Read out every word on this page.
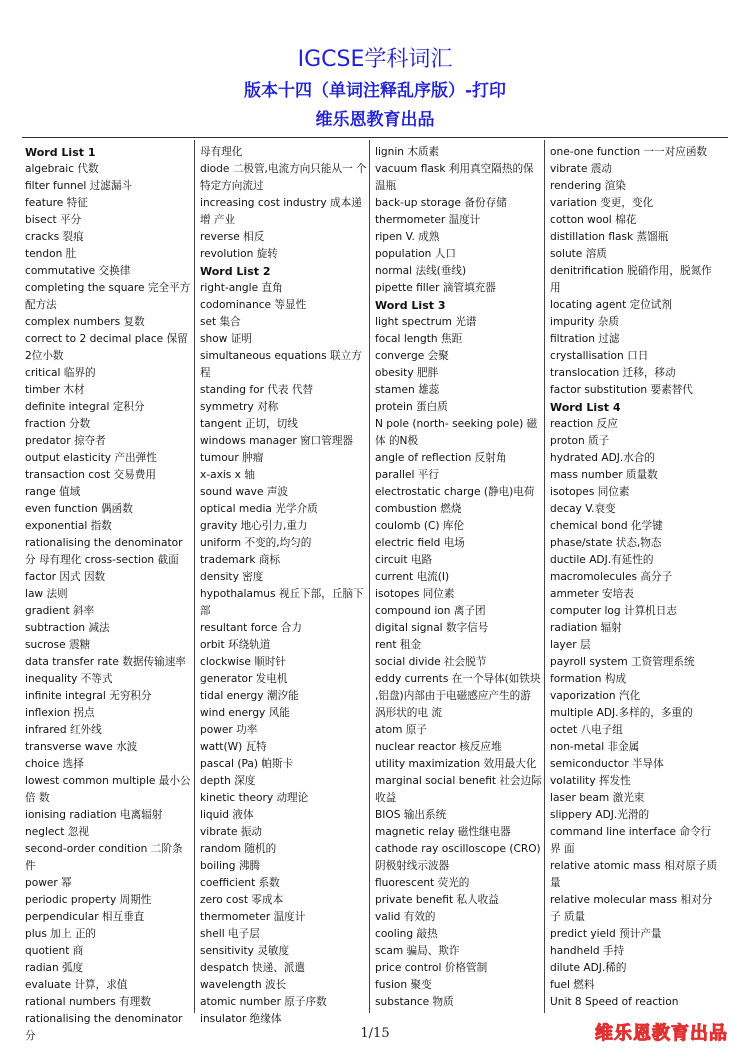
IGCSE学科词汇
版本十四（单词注释乱序版）-打印
维乐恩教育出品
Word List 1
algebraic 代数
filter funnel 过滤漏斗
feature 特征
bisect 平分
cracks 裂痕
tendon 肚
commutative 交换律
completing the square 完全平方 配方法
complex numbers 复数
correct to 2 decimal place 保留 2位小数
critical 临界的
timber 木材
definite integral 定积分
fraction 分数
predator 掠夺者
output elasticity 产出弹性
transaction cost 交易费用
range 值域
even function 偶函数
exponential 指数
rationalising the denominator 分 母有理化 cross-section 截面
factor 因式 因数
law 法则
gradient 斜率
subtraction 减法
sucrose 震糖
data transfer rate 数据传输速率
inequality 不等式
infinite integral 无穷积分
inflexion 拐点
infrared 红外线
transverse wave 水波
choice 选择
lowest common multiple 最小公倍 数
ionising radiation 电离辐射
neglect 忽视
second-order condition 二阶条件
power 幂
periodic property 周期性
perpendicular 相互垂直
plus 加上 正的
quotient 商
radian 弧度
evaluate 计算，求值
rational numbers 有理数
rationalising the denominator 分
母有理化
diode 二极管,电流方向只能从一 个特定方向流过
increasing cost industry 成本递增 产业
reverse 相反
revolution 旋转
Word List 2
right-angle 直角
codominance 等显性
set 集合
show 证明
simultaneous equations 联立方程
standing for 代表 代替
symmetry 对称
tangent 正切，切线
windows manager 窗口管理器
tumour 肿瘤
x-axis x 轴
sound wave 声波
optical media 光学介质
gravity 地心引力,重力
uniform 不变的,均匀的
trademark 商标
density 密度
hypothalamus 视丘下部，丘脑下 部
resultant force 合力
orbit 环绕轨道
clockwise 顺时针
generator 发电机
tidal energy 潮汐能
wind energy 风能
power 功率
watt(W) 瓦特
pascal (Pa) 帕斯卡
depth 深度
kinetic theory 动理论
liquid 液体
vibrate 振动
random 随机的
boiling 沸腾
coefficient 系数
zero cost 零成本
thermometer 温度计
shell 电子层
sensitivity 灵敏度
despatch 快递、派遣
wavelength 波长
atomic number 原子序数
insulator 绝缘体
lignin 木质素
vacuum flask 利用真空隔热的保 温瓶
back-up storage 备份存储
thermometer 温度计
ripen V. 成熟
population 人口
normal 法线(垂线)
pipette filler 滴管填充器
Word List 3
light spectrum 光谱
focal length 焦距
converge 会聚
obesity 肥胖
stamen 雄蕊
protein 蛋白质
N pole (north- seeking pole) 磁体 的N极
angle of reflection 反射角
parallel 平行
electrostatic charge (静电)电荷
combustion 燃烧
coulomb (C) 库伦
electric field 电场
circuit 电路
current 电流(I)
isotopes 同位素
compound ion 离子团
digital signal 数字信号
rent 租金
social divide 社会脱节
eddy currents 在一个导体(如铁块 ,铝盘)内部由于电磁感应产生的游 涡形状的电 流
atom 原子
nuclear reactor 核反应堆
utility maximization 效用最大化
marginal social benefit 社会边际 收益
BIOS 输出系统
magnetic relay 磁性继电器
cathode ray oscilloscope (CRO) 阴极射线示波器
fluorescent 荧光的
private benefit 私人收益
valid 有效的
cooling 敲热
scam 骗局、欺诈
price control 价格管制
fusion 聚变
substance 物质
one-one function 一一对应函数
vibrate 震动
rendering 渲染
variation 变更，变化
cotton wool 棉花
distillation flask 蒸馏瓶
solute 溶质
denitrification 脱硝作用，脱氮作 用
locating agent 定位试剂
impurity 杂质
filtration 过滤
crystallisation 口日
translocation 迁移，移动
factor substitution 要素替代
Word List 4
reaction 反应
proton 质子
hydrated ADJ.水合的
mass number 质量数
isotopes 同位素
decay V.衰变
chemical bond 化学键
phase/state 状态,物态
ductile ADJ.有延性的
macromolecules 高分子
ammeter 安培表
computer log 计算机日志
radiation 辐射
layer 层
payroll system 工资管理系统
formation 构成
vaporization 汽化
multiple ADJ.多样的，多重的
octet 八电子组
non-metal 非金属
semiconductor 半导体
volatility 挥发性
laser beam 激光束
slippery ADJ.光滑的
command line interface 命令行界 面
relative atomic mass 相对原子质 量
relative molecular mass 相对分子 质量
predict yield 预计产量
handheld 手持
dilute ADJ.稀的
fuel 燃料
Unit 8 Speed of reaction
1/15	维乐恩教育出品
